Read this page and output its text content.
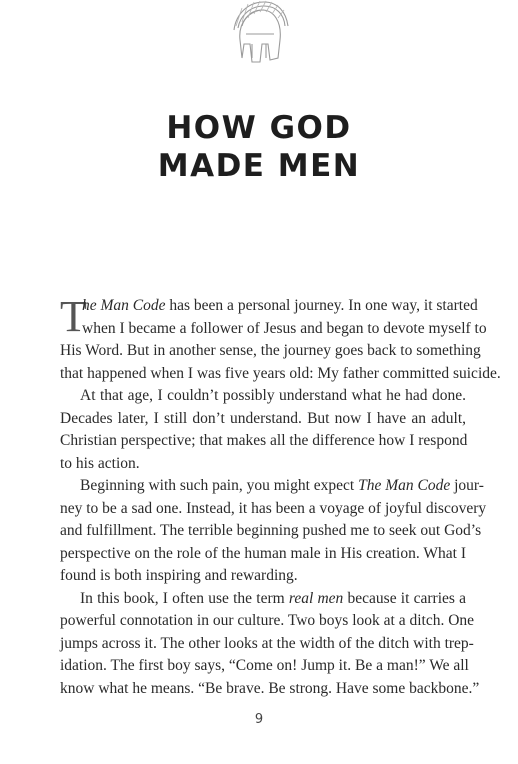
HOW GOD
MADE MEN
T
he Man Code has been a personal journey. In one way, it started
when I became a follower of Jesus and began to devote myself to
His Word. But in another sense, the journey goes back to something
that happened when I was five years old: My father committed suicide.
At that age, I couldn’t possibly understand what he had done.
Decades later, I still don’t understand. But now I have an adult,
Christian perspective; that makes all the difference how I respond
to his action.
Beginning with such pain, you might expect The Man Code jour-
ney to be a sad one. Instead, it has been a voyage of joyful discovery
and fulfillment. The terrible beginning pushed me to seek out God’s
perspective on the role of the human male in His creation. What I
found is both inspiring and rewarding.
In this book, I often use the term real men because it carries a
powerful connotation in our culture. Two boys look at a ditch. One
jumps across it. The other looks at the width of the ditch with trep-
idation. The first boy says, “Come on! Jump it. Be a man!” We all
know what he means. “Be brave. Be strong. Have some backbone.”
9
